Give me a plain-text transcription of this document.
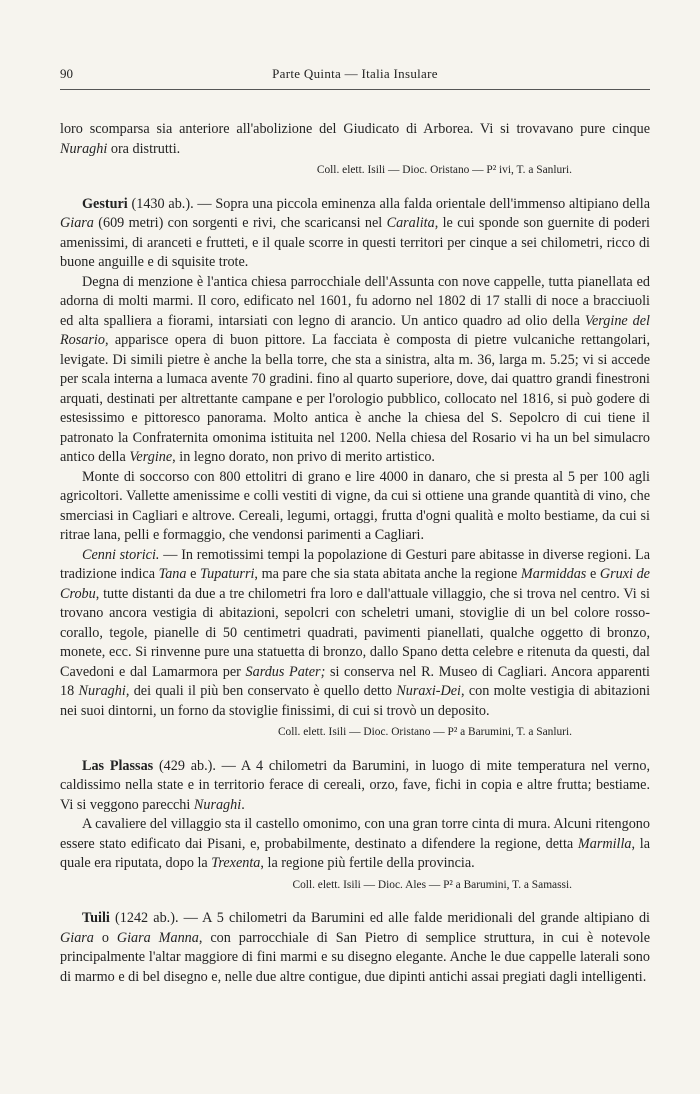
90	Parte Quinta — Italia Insulare

loro scomparsa sia anteriore all'abolizione del Giudicato di Arborea. Vi si trovavano pure cinque Nuraghi ora distrutti.

Coll. elett. Isili — Dioc. Oristano — P² ivi, T. a Sanluri.

Gesturi (1430 ab.). — Sopra una piccola eminenza alla falda orientale dell'immenso altipiano della Giara (609 metri) con sorgenti e rivi, che scaricansi nel Caralita, le cui sponde son guernite di poderi amenissimi, di aranceti e frutteti, e il quale scorre in questi territori per cinque a sei chilometri, ricco di buone anguille e di squisite trote.

Degna di menzione è l'antica chiesa parrocchiale dell'Assunta con nove cappelle, tutta pianellata ed adorna di molti marmi. Il coro, edificato nel 1601, fu adorno nel 1802 di 17 stalli di noce a bracciuoli ed alta spalliera a fiorami, intarsiati con legno di arancio. Un antico quadro ad olio della Vergine del Rosario, apparisce opera di buon pittore. La facciata è composta di pietre vulcaniche rettangolari, levigate. Di simili pietre è anche la bella torre, che sta a sinistra, alta m. 36, larga m. 5.25; vi si accede per scala interna a lumaca avente 70 gradini. fino al quarto superiore, dove, dai quattro grandi finestroni arquati, destinati per altrettante campane e per l'orologio pubblico, collocato nel 1816, si può godere di estesissimo e pittoresco panorama. Molto antica è anche la chiesa del S. Sepolcro di cui tiene il patronato la Confraternita omonima istituita nel 1200. Nella chiesa del Rosario vi ha un bel simulacro antico della Vergine, in legno dorato, non privo di merito artistico.

Monte di soccorso con 800 ettolitri di grano e lire 4000 in danaro, che si presta al 5 per 100 agli agricoltori. Vallette amenissime e colli vestiti di vigne, da cui si ottiene una grande quantità di vino, che smerciasi in Cagliari e altrove. Cereali, legumi, ortaggi, frutta d'ogni qualità e molto bestiame, da cui si ritrae lana, pelli e formaggio, che vendonsi parimenti a Cagliari.

Cenni storici. — In remotissimi tempi la popolazione di Gesturi pare abitasse in diverse regioni. La tradizione indica Tana e Tupaturri, ma pare che sia stata abitata anche la regione Marmiddas e Gruxi de Crobu, tutte distanti da due a tre chilometri fra loro e dall'attuale villaggio, che si trova nel centro. Vi si trovano ancora vestigia di abitazioni, sepolcri con scheletri umani, stoviglie di un bel colore rosso-corallo, tegole, pianelle di 50 centimetri quadrati, pavimenti pianellati, qualche oggetto di bronzo, monete, ecc. Si rinvenne pure una statuetta di bronzo, dallo Spano detta celebre e ritenuta da questi, dal Cavedoni e dal Lamarmora per Sardus Pater; si conserva nel R. Museo di Cagliari. Ancora apparenti 18 Nuraghi, dei quali il più ben conservato è quello detto Nuraxi-Dei, con molte vestigia di abitazioni nei suoi dintorni, un forno da stoviglie finissimi, di cui si trovò un deposito.

Coll. elett. Isili — Dioc. Oristano — P² a Barumini, T. a Sanluri.

Las Plassas (429 ab.). — A 4 chilometri da Barumini, in luogo di mite temperatura nel verno, caldissimo nella state e in territorio ferace di cereali, orzo, fave, fichi in copia e altre frutta; bestiame. Vi si veggono parecchi Nuraghi.

A cavaliere del villaggio sta il castello omonimo, con una gran torre cinta di mura. Alcuni ritengono essere stato edificato dai Pisani, e, probabilmente, destinato a difendere la regione, detta Marmilla, la quale era riputata, dopo la Trexenta, la regione più fertile della provincia.

Coll. elett. Isili — Dioc. Ales — P² a Barumini, T. a Samassi.

Tuili (1242 ab.). — A 5 chilometri da Barumini ed alle falde meridionali del grande altipiano di Giara o Giara Manna, con parrocchiale di San Pietro di semplice struttura, in cui è notevole principalmente l'altar maggiore di fini marmi e su disegno elegante. Anche le due cappelle laterali sono di marmo e di bel disegno e, nelle due altre contigue, due dipinti antichi assai pregiati dagli intelligenti.
